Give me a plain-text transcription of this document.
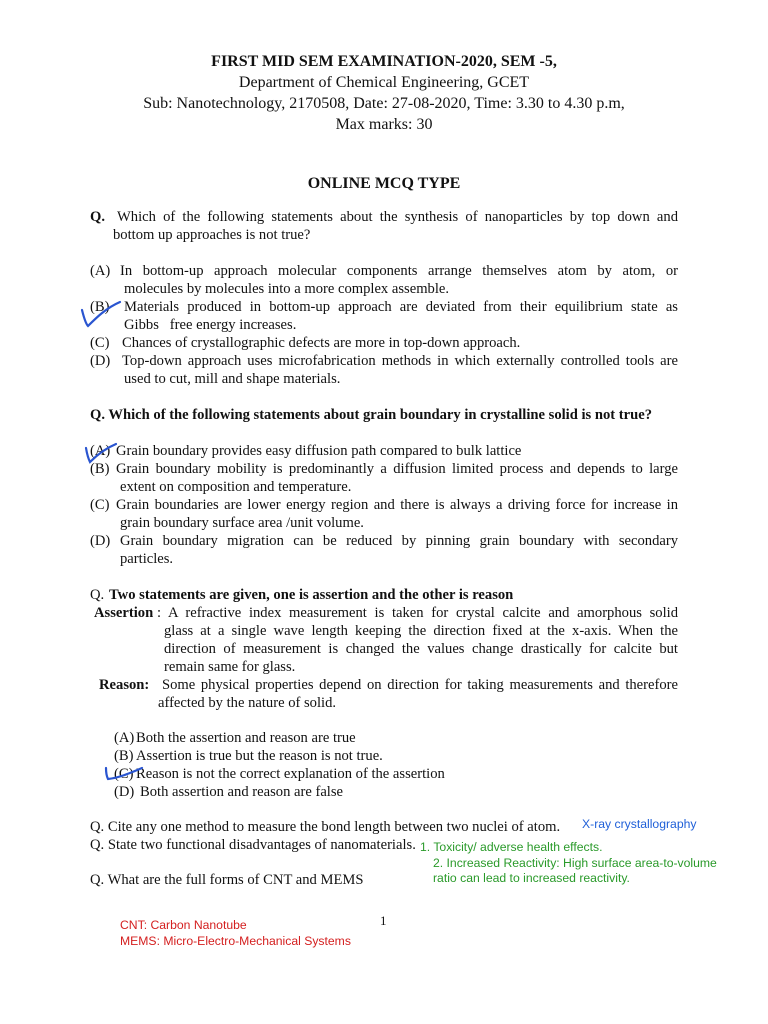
FIRST MID SEM EXAMINATION-2020, SEM -5,
Department of Chemical Engineering, GCET
Sub: Nanotechnology, 2170508, Date: 27-08-2020, Time: 3.30 to 4.30 p.m,
Max marks: 30
ONLINE MCQ TYPE
Q. Which of the following statements about the synthesis of nanoparticles by top down and
bottom up approaches is not true?
(A) In bottom-up approach molecular components arrange themselves atom by atom, or
molecules by molecules into a more complex assemble.
(B) Materials produced in bottom-up approach are deviated from their equilibrium state as
Gibbs   free energy increases.
(C) Chances of crystallographic defects are more in top-down approach.
(D) Top-down approach uses microfabrication methods in which externally controlled tools are
used to cut, mill and shape materials.
Q. Which of the following statements about grain boundary in crystalline solid is not true?
(A) Grain boundary provides easy diffusion path compared to bulk lattice
(B) Grain boundary mobility is predominantly a diffusion limited process and depends to large
extent on composition and temperature.
(C) Grain boundaries are lower energy region and there is always a driving force for increase in
grain boundary surface area /unit volume.
(D) Grain boundary migration can be reduced by pinning grain boundary with secondary
particles.
Q. Two statements are given, one is assertion and the other is reason
Assertion : A refractive index measurement is taken for crystal calcite and amorphous solid
glass at a single wave length keeping the direction fixed at the x-axis. When the
direction of measurement is changed the values change drastically for calcite but
remain same for glass.
Reason: Some physical properties depend on direction for taking measurements and therefore
affected by the nature of solid.
(A) Both the assertion and reason are true
(B) Assertion is true but the reason is not true.
(C) Reason is not the correct explanation of the assertion
(D) Both assertion and reason are false
Q. Cite any one method to measure the bond length between two nuclei of atom. X-ray crystallography
Q. State two functional disadvantages of nanomaterials. 1. Toxicity/ adverse health effects.
2. Increased Reactivity: High surface area-to-volume
ratio can lead to increased reactivity.
Q. What are the full forms of CNT and MEMS
CNT: Carbon Nanotube
MEMS: Micro-Electro-Mechanical Systems
1
